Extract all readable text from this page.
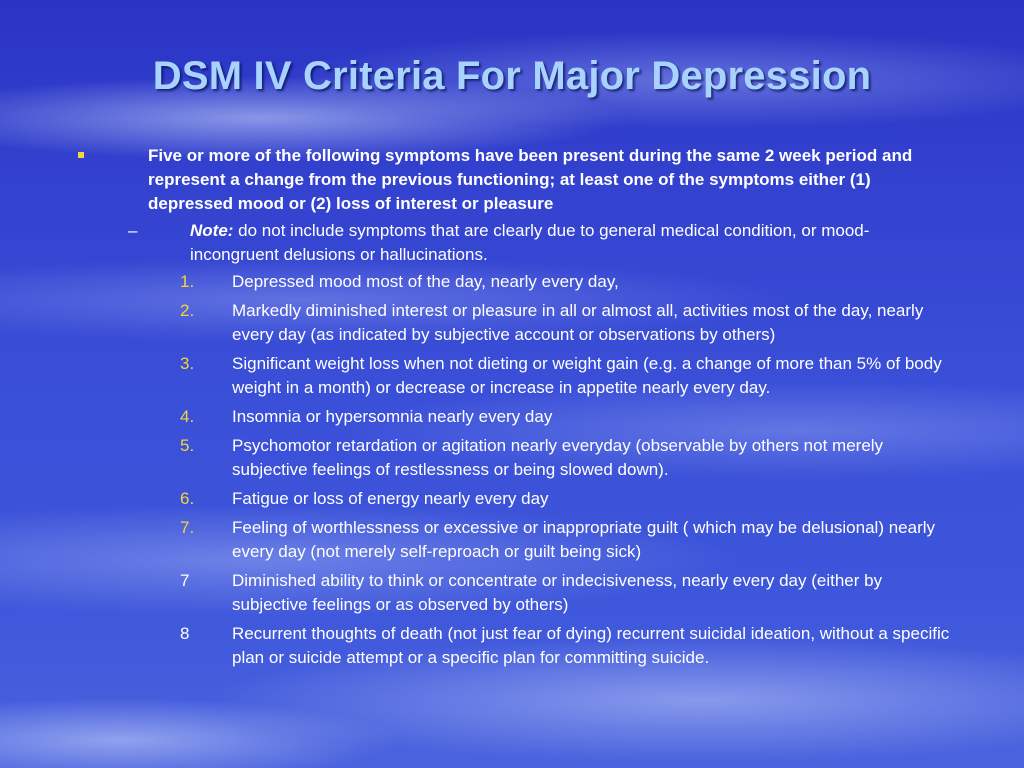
DSM IV Criteria For Major Depression
Five or more of the following symptoms have been present during the same 2 week period and represent a change from the previous functioning; at least one of the symptoms either (1) depressed mood or (2) loss of interest or pleasure
–	Note: do not include symptoms that are clearly due to general medical condition, or mood-incongruent delusions or hallucinations.
1.	Depressed mood most of the day, nearly every day,
2.	Markedly diminished interest or pleasure in all or almost all, activities most of the day, nearly every day (as indicated by subjective account or observations by others)
3.	Significant weight loss when not dieting or weight gain (e.g. a change of more than 5% of body weight in a month) or decrease or increase in appetite nearly every day.
4.	Insomnia or hypersomnia nearly every day
5.	Psychomotor retardation or agitation nearly everyday (observable by others not merely subjective feelings of restlessness or being slowed down).
6.	Fatigue or loss of energy nearly every day
7.	Feeling of worthlessness or excessive or inappropriate guilt ( which may be delusional) nearly every day (not merely self-reproach or guilt being sick)
7	Diminished ability to think or concentrate or indecisiveness, nearly every day (either by subjective feelings or as observed by others)
8	Recurrent thoughts of death (not just fear of dying) recurrent suicidal ideation, without a specific plan or suicide attempt or a specific plan for committing suicide.
